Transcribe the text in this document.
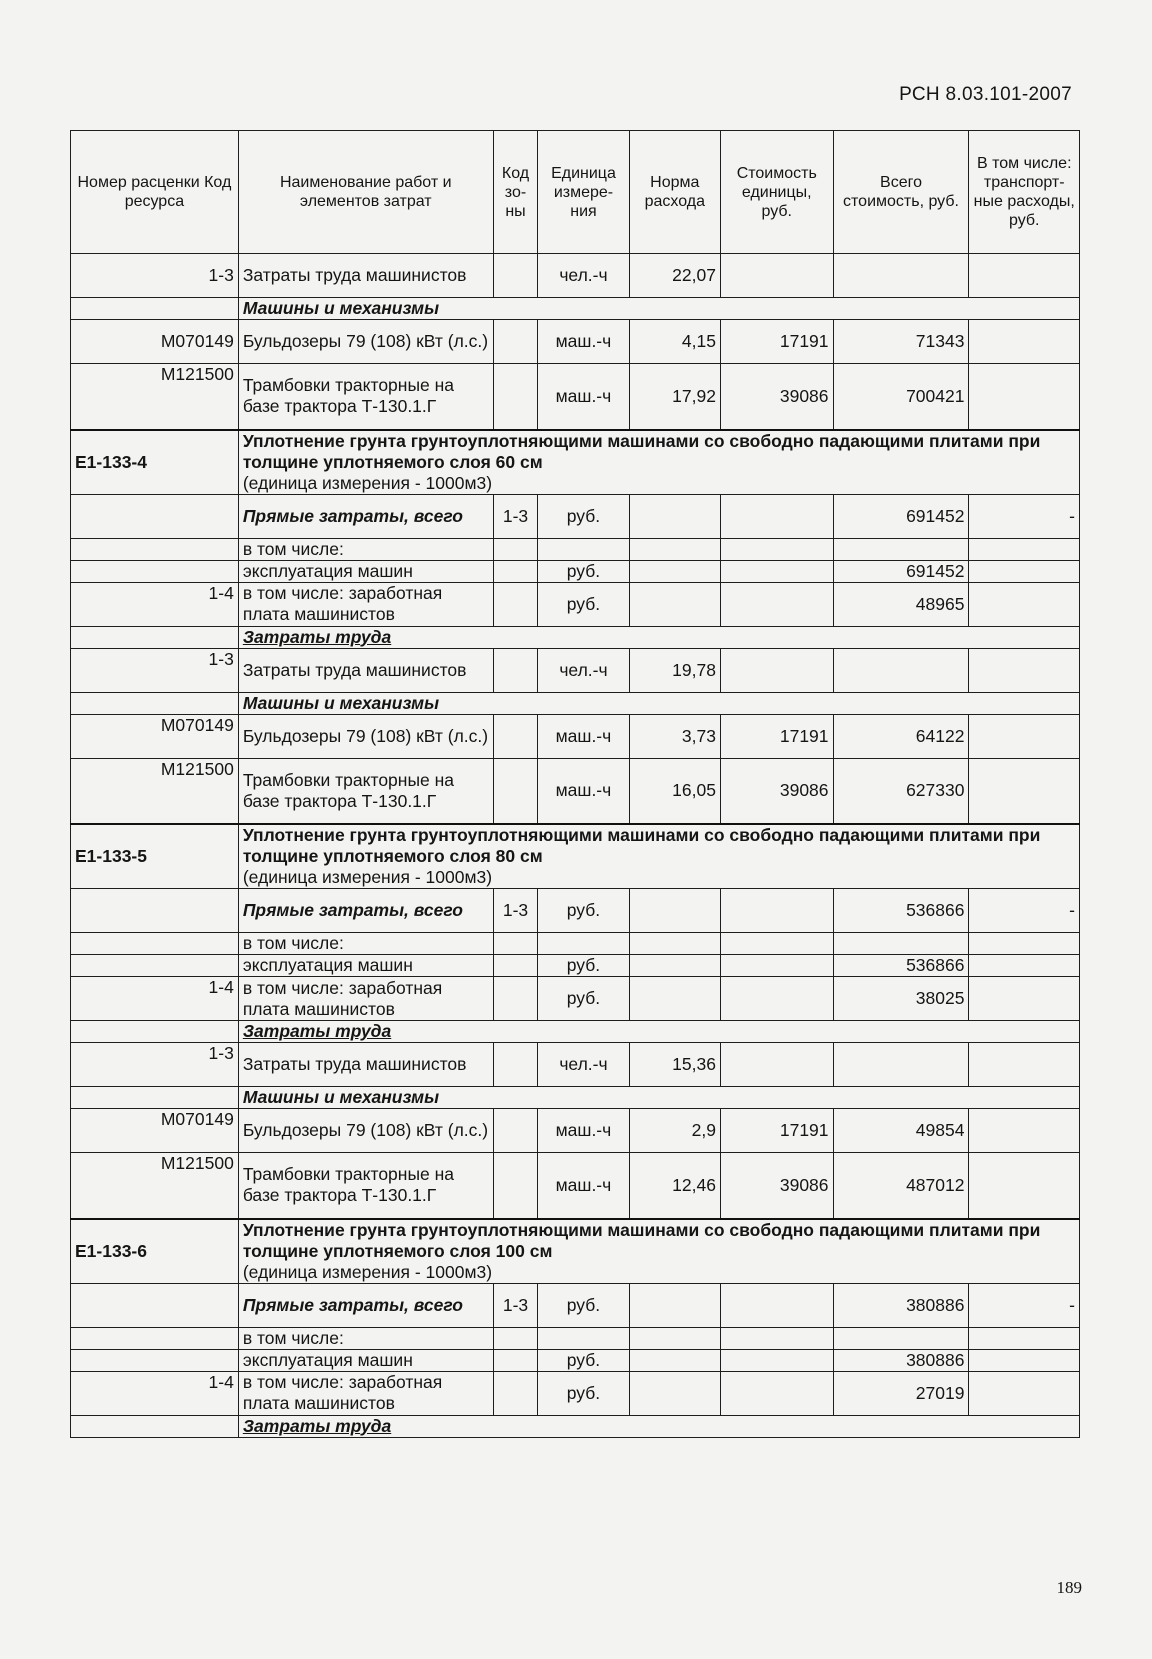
РСН 8.03.101-2007
Номер расценки Код ресурса	Наименование работ и элементов затрат	Код зо-ны	Единица измере-ния	Норма расхода	Стоимость единицы, руб.	Всего стоимость, руб.	В том числе: транспорт-ные расходы, руб.
1-3	Затраты труда машинистов		чел.-ч	22,07			
	Машины и механизмы						
М070149	Бульдозеры 79 (108) кВт (л.с.)		маш.-ч	4,15	17191	71343	
М121500	Трамбовки тракторные на базе трактора Т-130.1.Г		маш.-ч	17,92	39086	700421	
Е1-133-4	Уплотнение грунта грунтоуплотняющими машинами со свободно падающими плитами при толщине уплотняемого слоя 60 см
(единица измерения - 1000м3)						
	Прямые затраты, всего	1-3	руб.			691452	-
	в том числе:						
	эксплуатация машин		руб.			691452	
1-4	в том числе: заработная плата машинистов		руб.			48965	
	Затраты труда						
1-3	Затраты труда машинистов		чел.-ч	19,78			
	Машины и механизмы						
М070149	Бульдозеры 79 (108) кВт (л.с.)		маш.-ч	3,73	17191	64122	
М121500	Трамбовки тракторные на базе трактора Т-130.1.Г		маш.-ч	16,05	39086	627330	
Е1-133-5	Уплотнение грунта грунтоуплотняющими машинами со свободно падающими плитами при толщине уплотняемого слоя 80 см
(единица измерения - 1000м3)						
	Прямые затраты, всего	1-3	руб.			536866	-
	в том числе:						
	эксплуатация машин		руб.			536866	
1-4	в том числе: заработная плата машинистов		руб.			38025	
	Затраты труда						
1-3	Затраты труда машинистов		чел.-ч	15,36			
	Машины и механизмы						
М070149	Бульдозеры 79 (108) кВт (л.с.)		маш.-ч	2,9	17191	49854	
М121500	Трамбовки тракторные на базе трактора Т-130.1.Г		маш.-ч	12,46	39086	487012	
Е1-133-6	Уплотнение грунта грунтоуплотняющими машинами со свободно падающими плитами при толщине уплотняемого слоя 100 см
(единица измерения - 1000м3)						
	Прямые затраты, всего	1-3	руб.			380886	-
	в том числе:						
	эксплуатация машин		руб.			380886	
1-4	в том числе: заработная плата машинистов		руб.			27019	
	Затраты труда						
189
